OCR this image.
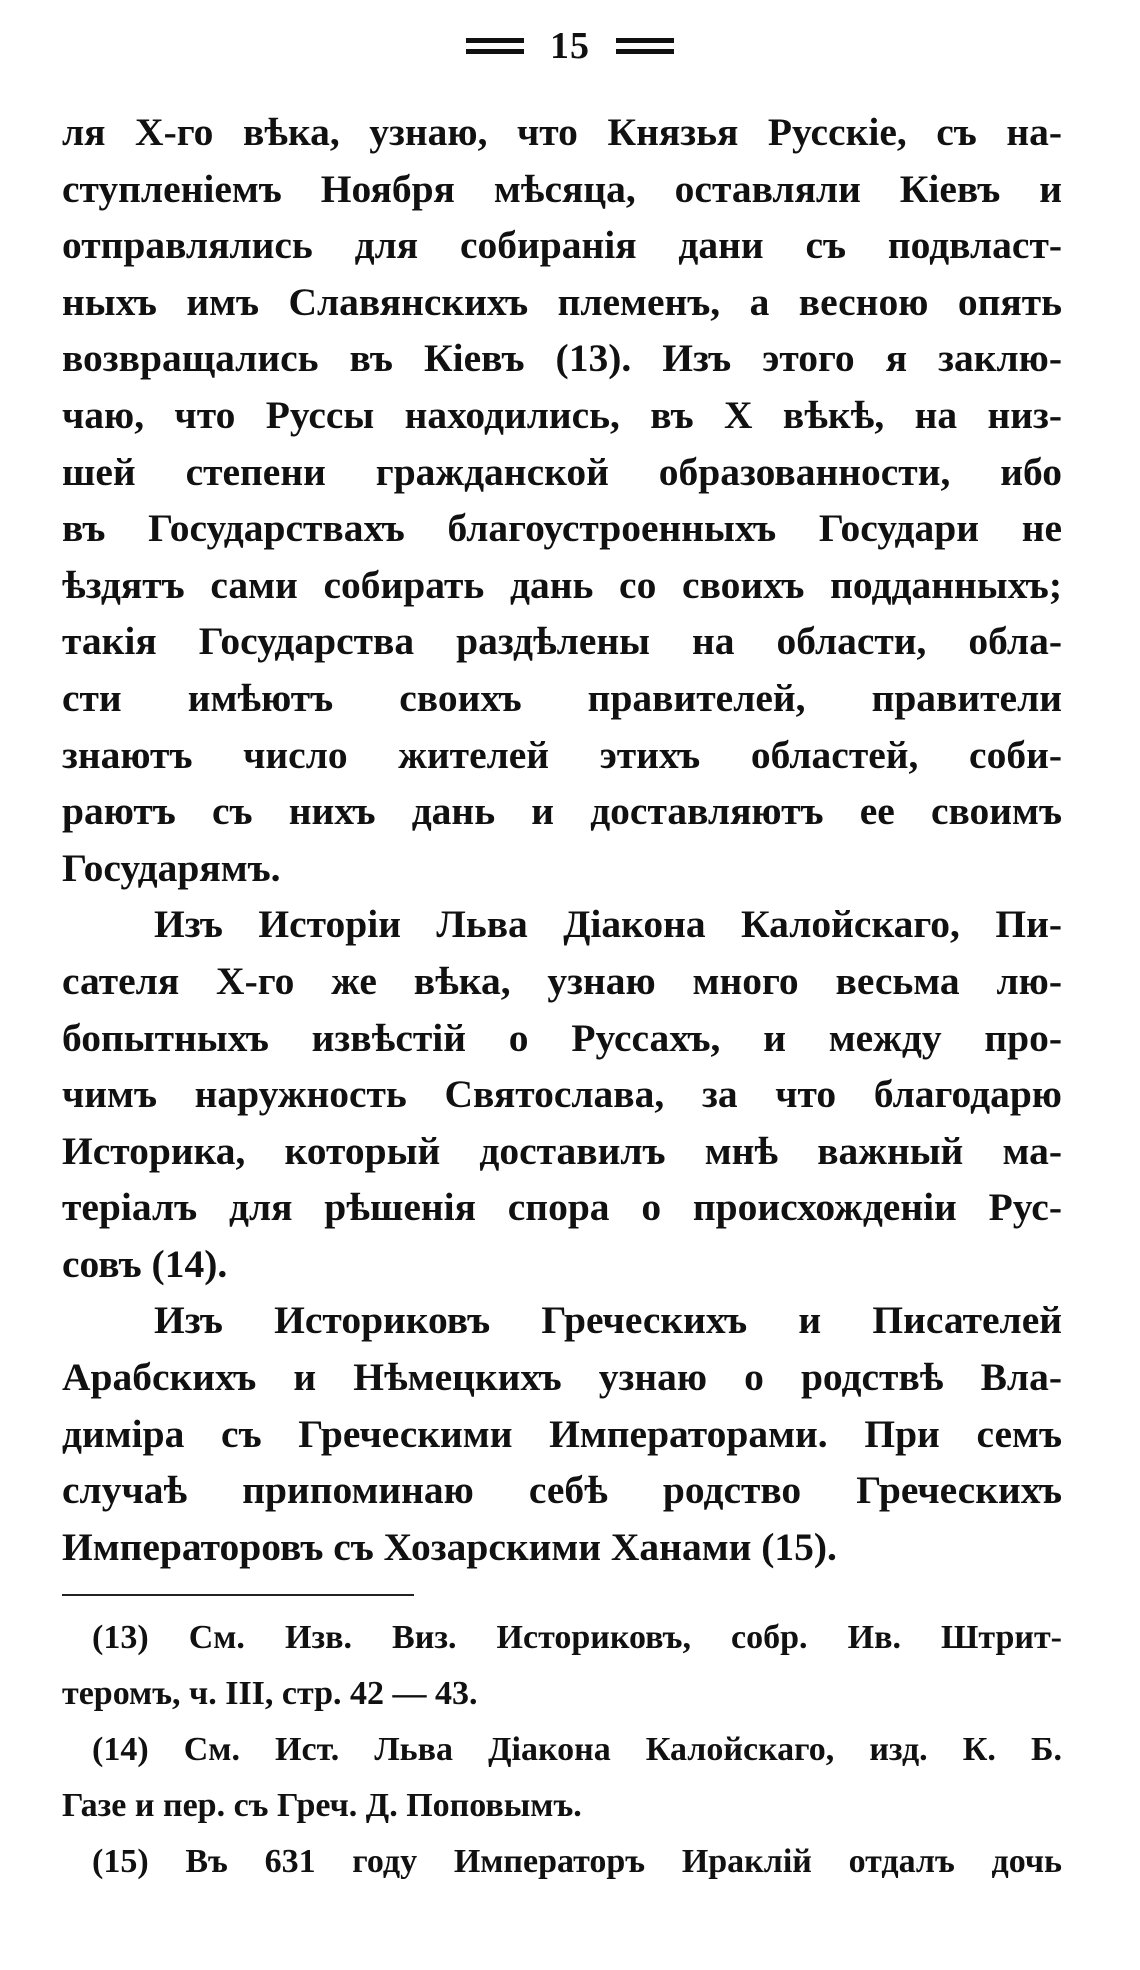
15
ля X-го вѣка, узнаю, что Князья Русскіе, съ на-
ступленіемъ Ноября мѣсяца, оставляли Кіевъ и
отправлялись для собиранія дани съ подвласт-
ныхъ имъ Славянскихъ племенъ, а весною опять
возвращались въ Кіевъ (13). Изъ этого я заклю-
чаю, что Руссы находились, въ X вѣкѣ, на низ-
шей степени гражданской образованности, ибо
въ Государствахъ благоустроенныхъ Государи не
ѣздятъ сами собирать дань со своихъ подданныхъ;
такія Государства раздѣлены на области, обла-
сти имѣютъ своихъ правителей, правители
знаютъ число жителей этихъ областей, соби-
раютъ съ нихъ дань и доставляютъ ее своимъ
Государямъ.
Изъ Исторіи Льва Діакона Калойскаго, Пи-
сателя X-го же вѣка, узнаю много весьма лю-
бопытныхъ извѣстій о Руссахъ, и между про-
чимъ наружность Святослава, за что благодарю
Историка, который доставилъ мнѣ важный ма-
теріалъ для рѣшенія спора о происхожденіи Рус-
совъ (14).
Изъ Историковъ Греческихъ и Писателей
Арабскихъ и Нѣмецкихъ узнаю о родствѣ Вла-
диміра съ Греческими Императорами. При семъ
случаѣ припоминаю себѣ родство Греческихъ
Императоровъ съ Хозарскими Ханами (15).
(13) См. Изв. Виз. Историковъ, собр. Ив. Штрит-
теромъ, ч. III, стр. 42 — 43.
(14) См. Ист. Льва Діакона Калойскаго, изд. К. Б.
Газе и пер. съ Греч. Д. Поповымъ.
(15) Въ 631 году Императоръ Ираклій отдалъ дочь
